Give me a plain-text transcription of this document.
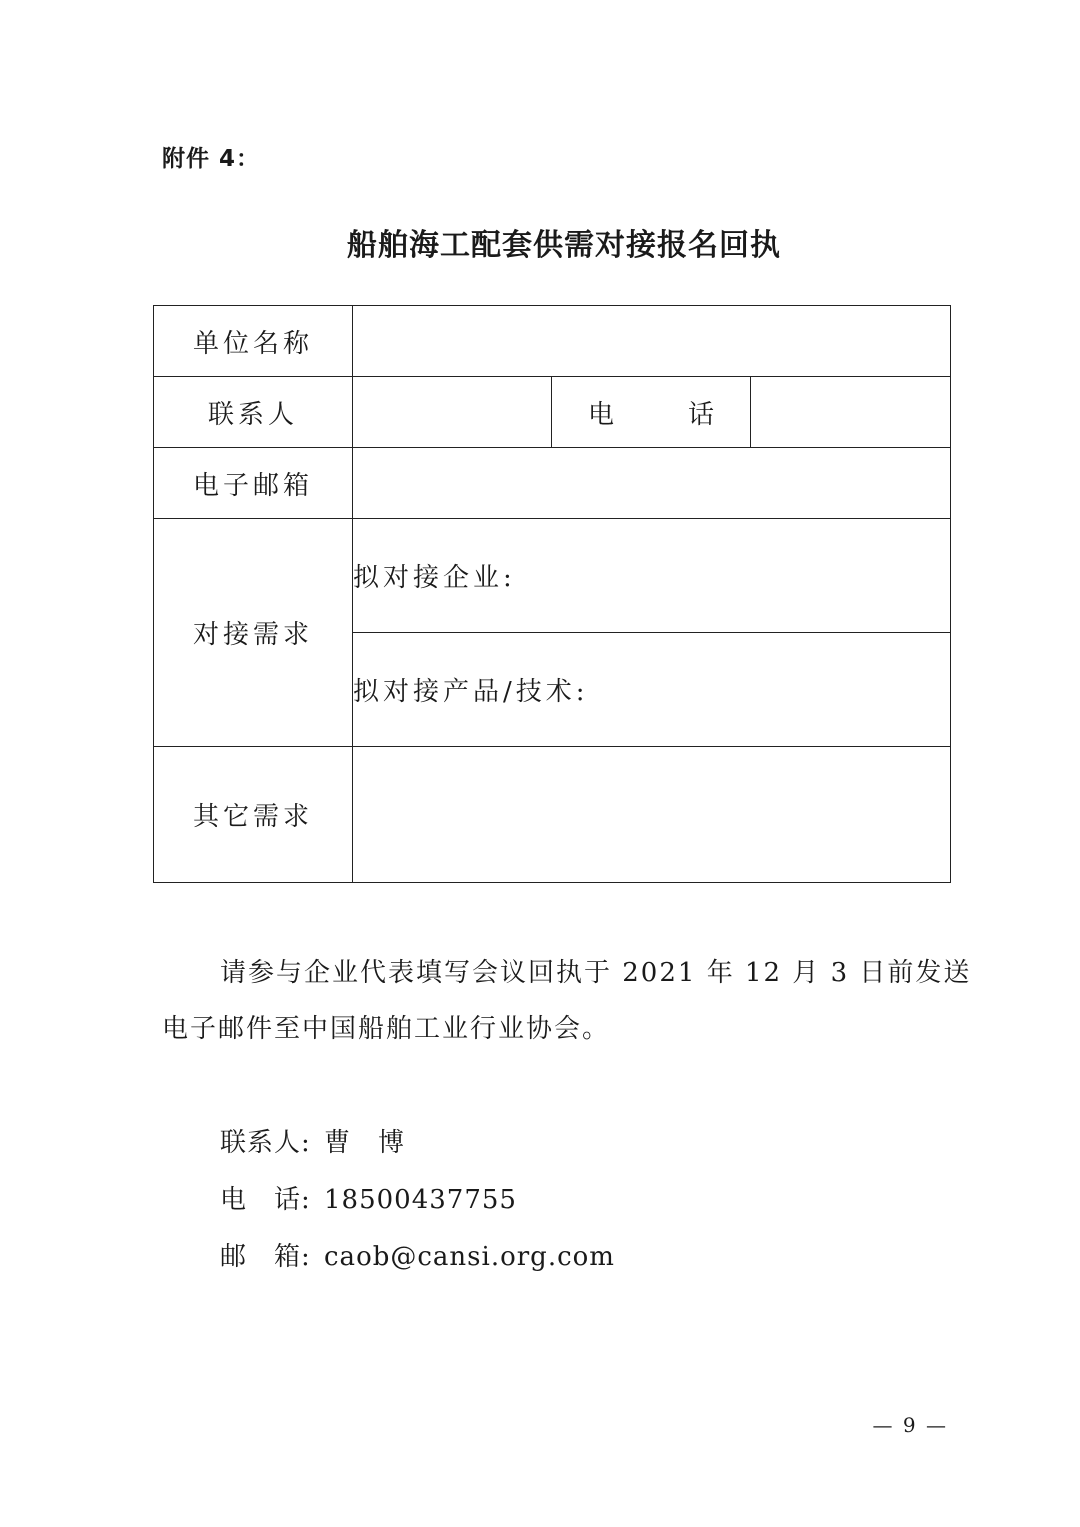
附件 4：
船舶海工配套供需对接报名回执
单位名称			
联系人		电 话	

电子邮箱			
对接需求	拟对接企业:		
	拟对接产品/技术:		
其它需求			
请参与企业代表填写会议回执于 2021 年 12 月 3 日前发送电子邮件至中国船舶工业行业协会。
联系人: 曹　博
电　话: 18500437755
邮　箱: caob@cansi.org.com
— 9 —
